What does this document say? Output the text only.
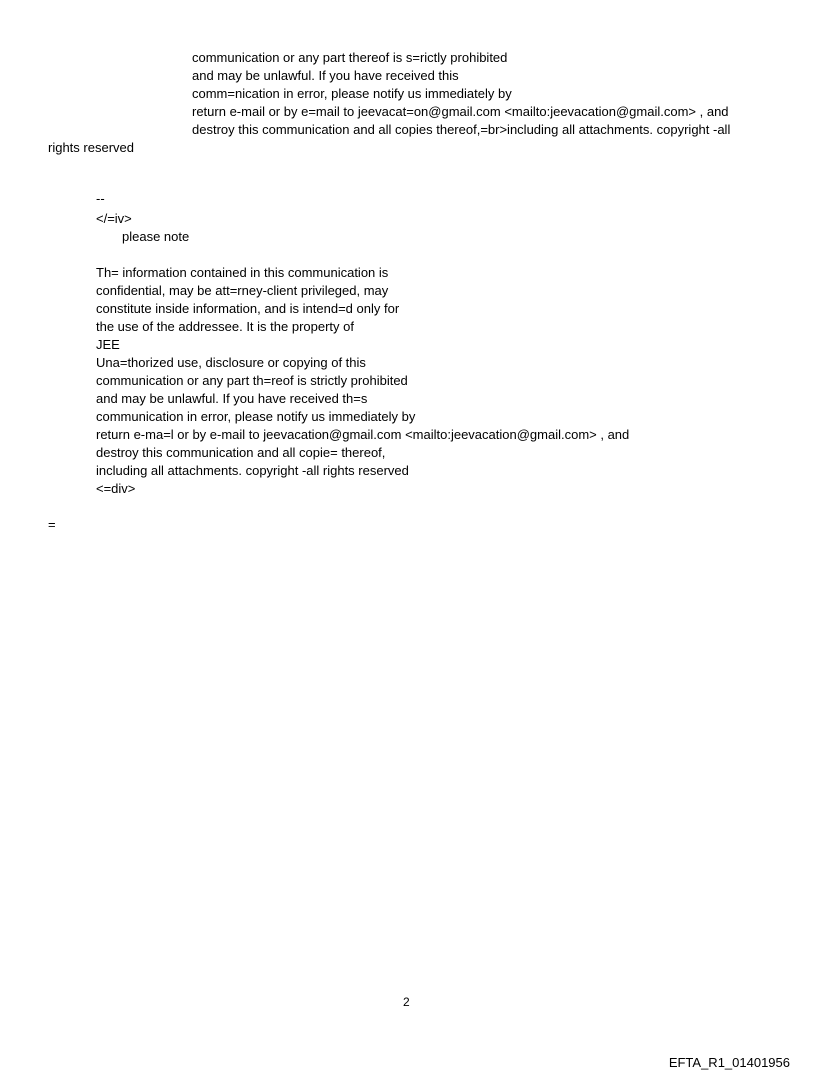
communication or any part thereof is s=rictly prohibited

and may be unlawful. If you have received this

comm=nication in error, please notify us immediately by

return e-mail or by e=mail to jeevacat=on@gmail.com <mailto:jeevacation@gmail.com> , and

destroy this communication and all copies thereof,=br>including all attachments. copyright -all

rights reserved

--

</=iv>

please note

Th= information contained in this communication is

confidential, may be att=rney-client privileged, may

constitute inside information, and is intend=d only for

the use of the addressee. It is the property of

JEE

Una=thorized use, disclosure or copying of this

communication or any part th=reof is strictly prohibited

and may be unlawful. If you have received th=s

communication in error, please notify us immediately by

return e-ma=l or by e-mail to jeevacation@gmail.com <mailto:jeevacation@gmail.com> , and

destroy this communication and all copie= thereof,

including all attachments. copyright -all rights reserved

<=div>

=

2
EFTA_R1_01401956
